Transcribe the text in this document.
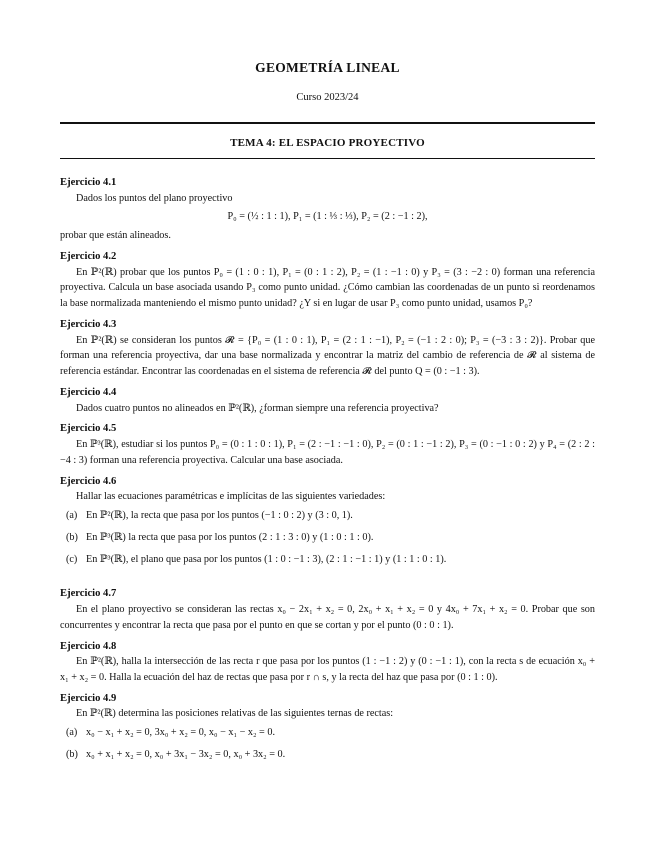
GEOMETRÍA LINEAL
Curso 2023/24
TEMA 4: EL ESPACIO PROYECTIVO

Ejercicio 4.1

Dados los puntos del plano proyectivo

P₀ = (½ : 1 : 1), P₁ = (1 : ⅓ : ⅓), P₂ = (2 : −1 : 2),

probar que están alineados.

Ejercicio 4.2

En ℙ²(ℝ) probar que los puntos P₀ = (1 : 0 : 1), P₁ = (0 : 1 : 2), P₂ = (1 : −1 : 0) y P₃ = (3 : −2 : 0) forman una referencia proyectiva. Calcula un base asociada usando P₃ como punto unidad. ¿Cómo cambian las coordenadas de un punto si reordenamos la base normalizada manteniendo el mismo punto unidad? ¿Y si en lugar de usar P₃ como punto unidad, usamos P₀?

Ejercicio 4.3

En ℙ²(ℝ) se consideran los puntos 𝓡 = {P₀ = (1 : 0 : 1), P₁ = (2 : 1 : −1), P₂ = (−1 : 2 : 0); P₃ = (−3 : 3 : 2)}. Probar que forman una referencia proyectiva, dar una base normalizada y encontrar la matriz del cambio de referencia de 𝓡 al sistema de referencia estándar. Encontrar las coordenadas en el sistema de referencia 𝓡 del punto Q = (0 : −1 : 3).

Ejercicio 4.4

Dados cuatro puntos no alineados en ℙ²(ℝ), ¿forman siempre una referencia proyectiva?

Ejercicio 4.5

En ℙ³(ℝ), estudiar si los puntos P₀ = (0 : 1 : 0 : 1), P₁ = (2 : −1 : −1 : 0), P₂ = (0 : 1 : −1 : 2), P₃ = (0 : −1 : 0 : 2) y P₄ = (2 : 2 : −4 : 3) forman una referencia proyectiva. Calcular una base asociada.

Ejercicio 4.6

Hallar las ecuaciones paramétricas e implícitas de las siguientes variedades:

(a) En ℙ²(ℝ), la recta que pasa por los puntos (−1 : 0 : 2) y (3 : 0, 1).
(b) En ℙ³(ℝ) la recta que pasa por los puntos (2 : 1 : 3 : 0) y (1 : 0 : 1 : 0).
(c) En ℙ³(ℝ), el plano que pasa por los puntos (1 : 0 : −1 : 3), (2 : 1 : −1 : 1) y (1 : 1 : 0 : 1).

Ejercicio 4.7

En el plano proyectivo se consideran las rectas x₀ − 2x₁ + x₂ = 0, 2x₀ + x₁ + x₂ = 0 y 4x₀ + 7x₁ + x₂ = 0. Probar que son concurrentes y encontrar la recta que pasa por el punto en que se cortan y por el punto (0 : 0 : 1).

Ejercicio 4.8

En ℙ²(ℝ), halla la intersección de las recta r que pasa por los puntos (1 : −1 : 2) y (0 : −1 : 1), con la recta s de ecuación x₀ + x₁ + x₂ = 0. Halla la ecuación del haz de rectas que pasa por r ∩ s, y la recta del haz que pasa por (0 : 1 : 0).

Ejercicio 4.9

En ℙ²(ℝ) determina las posiciones relativas de las siguientes ternas de rectas:

(a) x₀ − x₁ + x₂ = 0, 3x₀ + x₂ = 0, x₀ − x₁ − x₂ = 0.
(b) x₀ + x₁ + x₂ = 0, x₀ + 3x₁ − 3x₂ = 0, x₀ + 3x₂ = 0.
